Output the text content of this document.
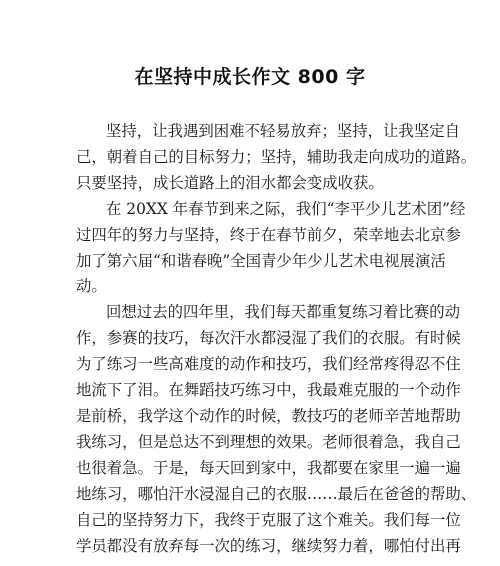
在坚持中成长作文 800 字
坚持，让我遇到困难不轻易放弃；坚持，让我坚定自
己，朝着自己的目标努力；坚持，辅助我走向成功的道路。
只要坚持，成长道路上的泪水都会变成收获。
在 20XX 年春节到来之际，我们“李平少儿艺术团”经
过四年的努力与坚持，终于在春节前夕，荣幸地去北京参
加了第六届“和谐春晚”全国青少年少儿艺术电视展演活
动。
回想过去的四年里，我们每天都重复练习着比赛的动
作，参赛的技巧，每次汗水都浸湿了我们的衣服。有时候
为了练习一些高难度的动作和技巧，我们经常疼得忍不住
地流下了泪。在舞蹈技巧练习中，我最难克服的一个动作
是前桥，我学这个动作的时候，教技巧的老师辛苦地帮助
我练习，但是总达不到理想的效果。老师很着急，我自己
也很着急。于是，每天回到家中，我都要在家里一遍一遍
地练习，哪怕汗水浸湿自己的衣服……最后在爸爸的帮助、
自己的坚持努力下，我终于克服了这个难关。我们每一位
学员都没有放弃每一次的练习，继续努力着，哪怕付出再
